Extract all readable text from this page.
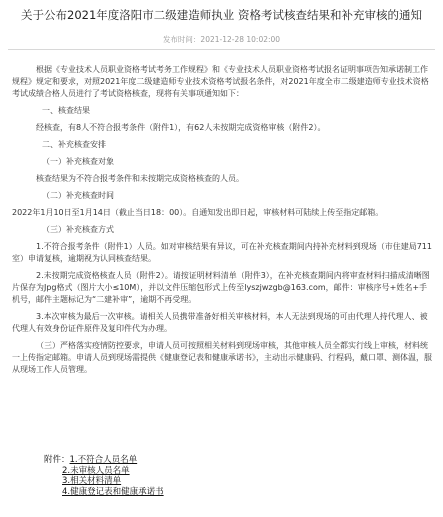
关于公布2021年度洛阳市二级建造师执业 资格考试核查结果和补充审核的通知
发布时间：2021-12-28 10:02:00

根据《专业技术人员职业资格考试考务工作规程》和《专业技术人员职业资格考试报名证明事项告知承诺制工作规程》规定和要求，对照2021年度二级建造师专业技术资格考试报名条件，对2021年度全市二级建造师专业技术资格考试成绩合格人员进行了考试资格核查，现将有关事项通知如下：

一、核查结果

经核查，有8人不符合报考条件（附件1），有62人未按期完成资格审核（附件2）。

二、补充核查安排

（一）补充核查对象

核查结果为不符合报考条件和未按期完成资格核查的人员。

（二）补充核查时间

2022年1月10日至1月14日（截止当日18：00）。自通知发出即日起，审核材料可陆续上传至指定邮箱。

（三）补充核查方式

1.不符合报考条件（附件1）人员。如对审核结果有异议，可在补充核查期间内持补充材料到现场（市住建局711室）申请复核，逾期视为认同核查结果。

2.未按期完成资格核查人员（附件2）。请按证明材料清单（附件3），在补充核查期间内将审查材料扫描成清晰图片保存为Jpg格式（图片大小≤10M），并以文件压缩包形式上传至lyszjwzgb@163.com，邮件：审核序号+姓名+手机号，邮件主题标记为“二建补审”，逾期不再受理。

3.本次审核为最后一次审核。请相关人员携带准备好相关审核材料，本人无法到现场的可由代理人持代理人、被代理人有效身份证件原件及复印件代为办理。

（三）严格落实疫情防控要求，申请人员可按照相关材料到现场审核，其他审核人员全都实行线上审核，材料统一上传指定邮箱。申请人员到现场需提供《健康登记表和健康承诺书》，主动出示健康码、行程码，戴口罩、测体温，服从现场工作人员管理。

附件：1.不符合人员名单
2.未审核人员名单
3.相关材料清单
4.健康登记表和健康承诺书
